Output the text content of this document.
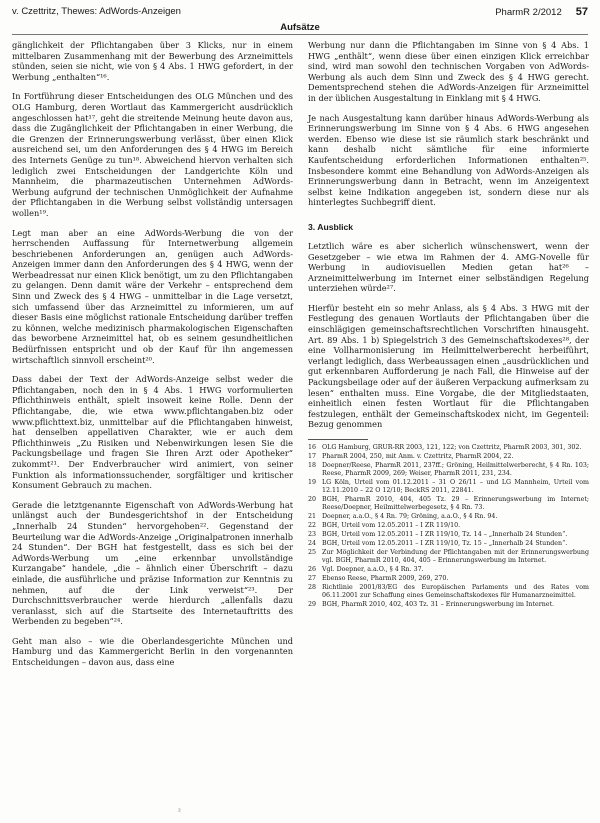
v. Czettritz, Thewes: AdWords-Anzeigen
Aufsätze
PharmR 2/2012 57

gänglichkeit der Pflichtangaben über 3 Klicks, nur in einem mittelbaren Zusammenhang mit der Bewerbung des Arzneimittels stünden, seien sie nicht, wie von § 4 Abs. 1 HWG gefordert, in der Werbung „enthalten“¹⁶.

In Fortführung dieser Entscheidungen des OLG München und des OLG Hamburg, deren Wortlaut das Kammergericht ausdrücklich angeschlossen hat¹⁷, geht die streitende Meinung heute davon aus, dass die Zugänglichkeit der Pflichtangaben in einer Werbung, die die Grenzen der Erinnerungswerbung verlässt, über einen Klick ausreichend sei, um den Anforderungen des § 4 HWG im Bereich des Internets Genüge zu tun¹⁸. Abweichend hiervon verhalten sich lediglich zwei Entscheidungen der Landgerichte Köln und Mannheim, die pharmazeutischen Unternehmen AdWords-Werbung aufgrund der technischen Unmöglichkeit der Aufnahme der Pflichtangaben in die Werbung selbst vollständig untersagen wollen¹⁹.

Legt man aber an eine AdWords-Werbung die von der herrschenden Auffassung für Internetwerbung allgemein beschriebenen Anforderungen an, genügen auch AdWords-Anzeigen immer dann den Anforderungen des § 4 HWG, wenn der Werbeadressat nur einen Klick benötigt, um zu den Pflichtangaben zu gelangen. Denn damit wäre der Verkehr – entsprechend dem Sinn und Zweck des § 4 HWG – unmittelbar in die Lage versetzt, sich umfassend über das Arzneimittel zu informieren, um auf dieser Basis eine möglichst rationale Entscheidung darüber treffen zu können, welche medizinisch pharmakologischen Eigenschaften das beworbene Arzneimittel hat, ob es seinem gesundheitlichen Bedürfnissen entspricht und ob der Kauf für ihn angemessen wirtschaftlich sinnvoll erscheint²⁰.

Dass dabei der Text der AdWords-Anzeige selbst weder die Pflichtangaben, noch den in § 4 Abs. 1 HWG vorformulierten Pflichthinweis enthält, spielt insoweit keine Rolle. Denn der Pflichtangabe, die, wie etwa www.pflichtangaben.biz oder www.pflichttext.biz, unmittelbar auf die Pflichtangaben hinweist, hat denselben appellativen Charakter, wie er auch dem Pflichthinweis „Zu Risiken und Nebenwirkungen lesen Sie die Packungsbeilage und fragen Sie Ihren Arzt oder Apotheker“ zukommt²¹. Der Endverbraucher wird animiert, von seiner Funktion als informationssuchender, sorgfältiger und kritischer Konsument Gebrauch zu machen.

Gerade die letztgenannte Eigenschaft von AdWords-Werbung hat unlängst auch der Bundesgerichtshof in der Entscheidung „Innerhalb 24 Stunden“ hervorgehoben²². Gegenstand der Beurteilung war die AdWords-Anzeige „Originalpatronen innerhalb 24 Stunden“. Der BGH hat festgestellt, dass es sich bei der AdWords-Werbung um „eine erkennbar unvollständige Kurzangabe“ handele, „die – ähnlich einer Überschrift – dazu einlade, die ausführliche und präzise Information zur Kenntnis zu nehmen, auf die der Link verweist“²³. Der Durchschnittsverbraucher werde hierdurch „allenfalls dazu veranlasst, sich auf die Startseite des Internetauftritts des Werbenden zu begeben“²⁴.

Geht man also – wie die Oberlandesgerichte München und Hamburg und das Kammergericht Berlin in den vorgenannten Entscheidungen – davon aus, dass eine

Werbung nur dann die Pflichtangaben im Sinne von § 4 Abs. 1 HWG „enthält“, wenn diese über einen einzigen Klick erreichbar sind, wird man sowohl den technischen Vorgaben von AdWords-Werbung als auch dem Sinn und Zweck des § 4 HWG gerecht. Dementsprechend stehen die AdWords-Anzeigen für Arzneimittel in der üblichen Ausgestaltung in Einklang mit § 4 HWG.

Je nach Ausgestaltung kann darüber hinaus AdWords-Werbung als Erinnerungswerbung im Sinne von § 4 Abs. 6 HWG angesehen werden. Ebenso wie diese ist sie räumlich stark beschränkt und kann deshalb nicht sämtliche für eine informierte Kaufentscheidung erforderlichen Informationen enthalten²⁵. Insbesondere kommt eine Behandlung von AdWords-Anzeigen als Erinnerungswerbung dann in Betracht, wenn im Anzeigentext selbst keine Indikation angegeben ist, sondern diese nur als hinterlegtes Suchbegriff dient.

3. Ausblick

Letztlich wäre es aber sicherlich wünschenswert, wenn der Gesetzgeber – wie etwa im Rahmen der 4. AMG-Novelle für Werbung in audiovisuellen Medien getan hat²⁶ – Arzneimittelwerbung im Internet einer selbständigen Regelung unterziehen würde²⁷.

Hierfür besteht ein so mehr Anlass, als § 4 Abs. 3 HWG mit der Festlegung des genauen Wortlauts der Pflichtangaben über die einschlägigen gemeinschaftsrechtlichen Vorschriften hinausgeht. Art. 89 Abs. 1 b) Spiegelstrich 3 des Gemeinschaftskodexes²⁸, der eine Vollharmonisierung im Heilmittelwerberecht herbeiführt, verlangt lediglich, dass Werbeaussagen einen „ausdrücklichen und gut erkennbaren Aufforderung je nach Fall, die Hinweise auf der Packungsbeilage oder auf der äußeren Verpackung aufmerksam zu lesen“ enthalten muss. Eine Vorgabe, die der Mitgliedstaaten, einheitlich einen festen Wortlaut für die Pflichtangaben festzulegen, enthält der Gemeinschaftskodex nicht, im Gegenteil: Bezug genommen

16 OLG Hamburg, GRUR-RR 2003, 121, 122; von Czettritz, PharmR 2003, 301, 302.
17 PharmR 2004, 250, mit Anm. v. Czettritz, PharmR 2004, 22.
18 Doepner/Reese, PharmR 2011, 237ff.; Gröning, Heilmittelwerberecht, § 4 Rn. 103; Reese, PharmR 2009, 269; Weiser, PharmR 2011, 231, 234.
19 LG Köln, Urteil vom 01.12.2011 – 31 O 26/11 – und LG Mannheim, Urteil vom 12.11.2010 – 22 O 12/10; BeckRS 2011, 22841.
20 BGH, PharmR 2010, 404, 405 Tz. 29 – Erinnerungswerbung im Internet; Reese/Doepner, Heilmittelwerbegesetz, § 4 Rn. 73.
21 Doepner, a.a.O., § 4 Rn. 79; Gröning, a.a.O., § 4 Rn. 94.
22 BGH, Urteil vom 12.05.2011 – I ZR 119/10.
23 BGH, Urteil vom 12.05.2011 – I ZR 119/10, Tz. 14 – „Innerhalb 24 Stunden“.
24 BGH, Urteil vom 12.05.2011 – I ZR 119/10, Tz. 15 – „Innerhalb 24 Stunden“.
25 Zur Möglichkeit der Verbindung der Pflichtangaben mit der Erinnerungswerbung vgl. BGH, PharmR 2010, 404, 405 – Erinnerungswerbung im Internet.
26 Vgl. Doepner, a.a.O., § 4 Rn. 37.
27 Ebenso Reese, PharmR 2009, 269, 270.
28 Richtlinie 2001/83/EG des Europäischen Parlaments und des Rates vom 06.11.2001 zur Schaffung eines Gemeinschaftskodexes für Humanarzneimittel.
29 BGH, PharmR 2010, 402, 403 Tz. 31 – Erinnerungswerbung im Internet.
²
